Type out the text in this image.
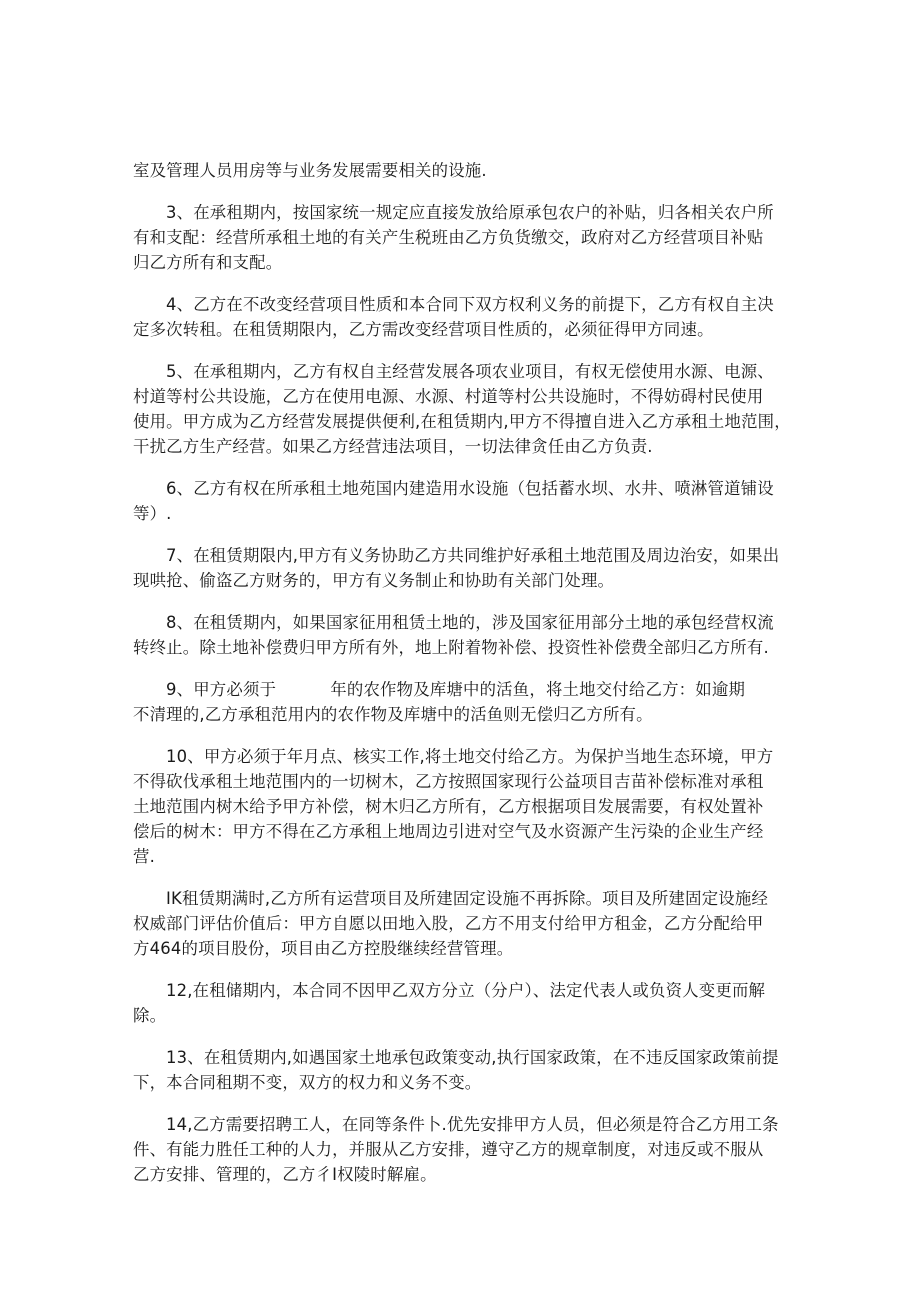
室及管理人员用房等与业务发展需要相关的设施.
3、在承租期内，按国家统一规定应直接发放给原承包农户的补贴，归各相关农户所
有和支配：经营所承租土地的有关产生税班由乙方负货缴交，政府对乙方经营项目补贴
归乙方所有和支配。
4、乙方在不改变经营项目性质和本合同下双方权利义务的前提下，乙方有权自主决
定多次转租。在租赁期限内，乙方需改变经营项目性质的，必须征得甲方同速。
5、在承租期内，乙方有权自主经营发展各项农业项目，有权无偿使用水源、电源、
村道等村公共设施，乙方在使用电源、水源、村道等村公共设施时，不得妨碍村民使用
使用。甲方成为乙方经营发展提供便利,在租赁期内,甲方不得擅自进入乙方承租土地范围，
干扰乙方生产经营。如果乙方经营违法项目，一切法律贪任由乙方负责.
6、乙方有权在所承租土地苑国内建造用水设施（包括蓄水坝、水井、喷淋管道铺设
等）.
7、在租赁期限内,甲方有义务协助乙方共同维护好承租土地范围及周边治安，如果出
现哄抢、偷盗乙方财务的，甲方有义务制止和协助有关部门处理。
8、在租赁期内，如果国家征用租赁土地的，涉及国家征用部分土地的承包经营权流
转终止。除土地补偿费归甲方所有外，地上附着物补偿、投资性补偿费全部归乙方所有.
9、甲方必须于          年的农作物及库塘中的活鱼，将土地交付给乙方：如逾期
不清理的,乙方承租范用内的农作物及库塘中的活鱼则无偿归乙方所有。
10、甲方必须于年月点、核实工作,将土地交付给乙方。为保护当地生态环境，甲方
不得砍伐承租土地范围内的一切树木，乙方按照国家现行公益项目吉苗补偿标准对承租
土地范围内树木给予甲方补偿，树木归乙方所有，乙方根据项目发展需要，有权处置补
偿后的树木：甲方不得在乙方承租上地周边引进对空气及水资源产生污染的企业生产经
营.
IK租赁期满时,乙方所有运营项目及所建固定设施不再拆除。项目及所建固定设施经
权威部门评估价值后：甲方自愿以田地入股，乙方不用支付给甲方租金，乙方分配给甲
方464的项目股份，项目由乙方控股继续经营管理。
12,在租储期内，本合同不因甲乙双方分立（分户）、法定代表人或负资人变更而解
除。
13、在租赁期内,如遇国家土地承包政策变动,执行国家政策，在不违反国家政策前提
下，本合同租期不变，双方的权力和义务不变。
14,乙方需要招聘工人，在同等条件卜.优先安排甲方人员，但必须是符合乙方用工条
件、有能力胜任工种的人力，并服从乙方安排，遵守乙方的规章制度，对违反或不服从
乙方安排、管理的，乙方彳I权陵时解雇。
